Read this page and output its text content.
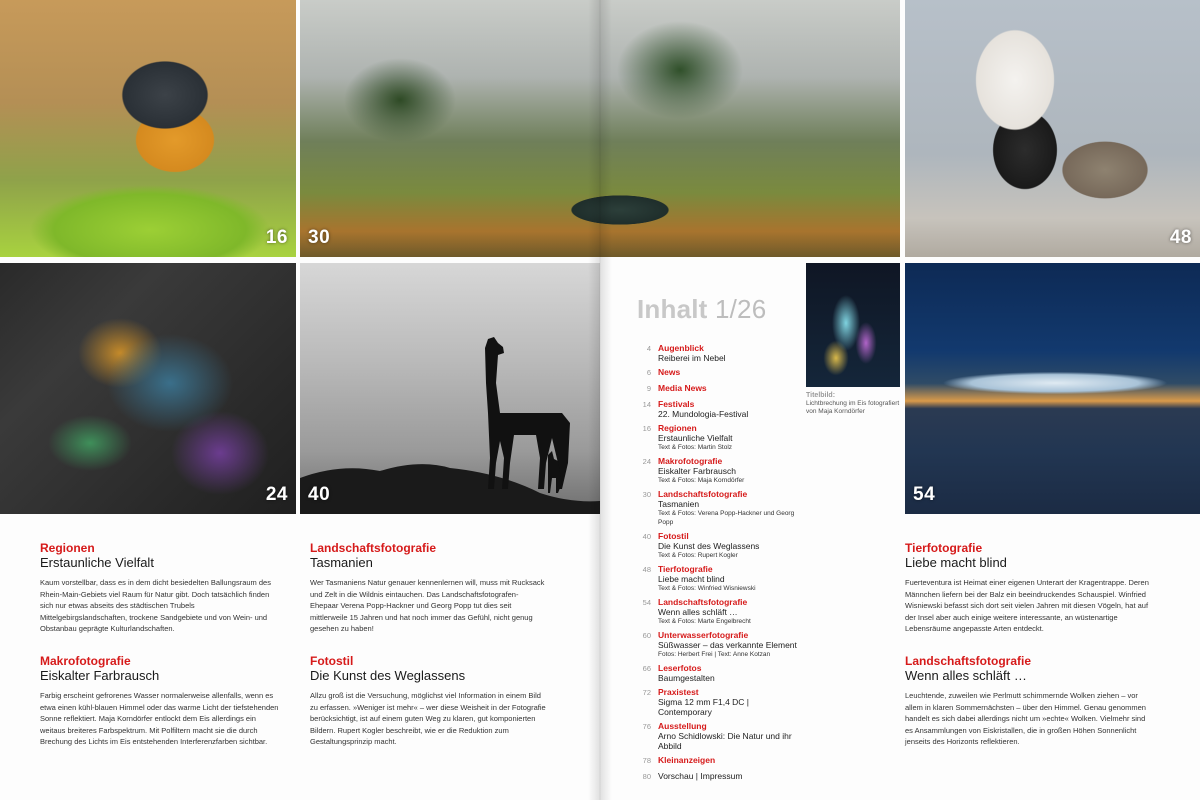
16 30	48
24 40	54
Inhalt 1/26
Titelbild:
Lichtbrechung im Eis fotografiert von Maja Korndörfer
4 Augenblick
Reiberei im Nebel
6 News
9 Media News
14 Festivals
22. Mundologia-Festival
16 Regionen
Erstaunliche Vielfalt
Text & Fotos: Martin Stolz
24 Makrofotografie
Eiskalter Farbrausch
Text & Fotos: Maja Korndörfer
30 Landschaftsfotografie
Tasmanien
Text & Fotos: Verena Popp-Hackner und Georg Popp
40 Fotostil
Die Kunst des Weglassens
Text & Fotos: Rupert Kogler
48 Tierfotografie
Liebe macht blind
Text & Fotos: Winfried Wisniewski
54 Landschaftsfotografie
Wenn alles schläft …
Text & Fotos: Marte Engelbrecht
60 Unterwasserfotografie
Süßwasser – das verkannte Element
Fotos: Herbert Frei | Text: Anne Kotzan
66 Leserfotos
Baumgestalten
72 Praxistest
Sigma 12 mm F1,4 DC | Contemporary
76 Ausstellung
Arno Schidlowski: Die Natur und ihr Abbild
78 Kleinanzeigen
80 Vorschau | Impressum
Regionen
Erstaunliche Vielfalt
Kaum vorstellbar, dass es in dem dicht besiedelten Ballungsraum des Rhein-Main-Gebiets viel Raum für Natur gibt. Doch tatsächlich finden sich nur etwas abseits des städtischen Trubels Mittelgebirgslandschaften, trockene Sandgebiete und von Wein- und Obstanbau geprägte Kulturlandschaften.
Makrofotografie
Eiskalter Farbrausch
Farbig erscheint gefrorenes Wasser normalerweise allenfalls, wenn es etwa einen kühl-blauen Himmel oder das warme Licht der tiefstehenden Sonne reflektiert. Maja Korndörfer entlockt dem Eis allerdings ein weitaus breiteres Farbspektrum. Mit Polfiltern macht sie die durch Brechung des Lichts im Eis entstehenden Interferenzfarben sichtbar.
Landschaftsfotografie
Tasmanien
Wer Tasmaniens Natur genauer kennenlernen will, muss mit Rucksack und Zelt in die Wildnis eintauchen. Das Landschaftsfotografen-Ehepaar Verena Popp-Hackner und Georg Popp tut dies seit mittlerweile 15 Jahren und hat noch immer das Gefühl, nicht genug gesehen zu haben!
Fotostil
Die Kunst des Weglassens
Allzu groß ist die Versuchung, möglichst viel Information in einem Bild zu erfassen. »Weniger ist mehr« – wer diese Weisheit in der Fotografie berücksichtigt, ist auf einem guten Weg zu klaren, gut komponierten Bildern. Rupert Kogler beschreibt, wie er die Reduktion zum Gestaltungsprinzip macht.
Tierfotografie
Liebe macht blind
Fuerteventura ist Heimat einer eigenen Unterart der Kragentrappe. Deren Männchen liefern bei der Balz ein beeindruckendes Schauspiel. Winfried Wisniewski befasst sich dort seit vielen Jahren mit diesen Vögeln, hat auf der Insel aber auch einige weitere interessante, an wüstenartige Lebensräume angepasste Arten entdeckt.
Landschaftsfotografie
Wenn alles schläft …
Leuchtende, zuweilen wie Perlmutt schimmernde Wolken ziehen – vor allem in klaren Sommernächsten – über den Himmel. Genau genommen handelt es sich dabei allerdings nicht um »echte« Wolken. Vielmehr sind es Ansammlungen von Eiskristallen, die in großen Höhen Sonnenlicht jenseits des Horizonts reflektieren.
